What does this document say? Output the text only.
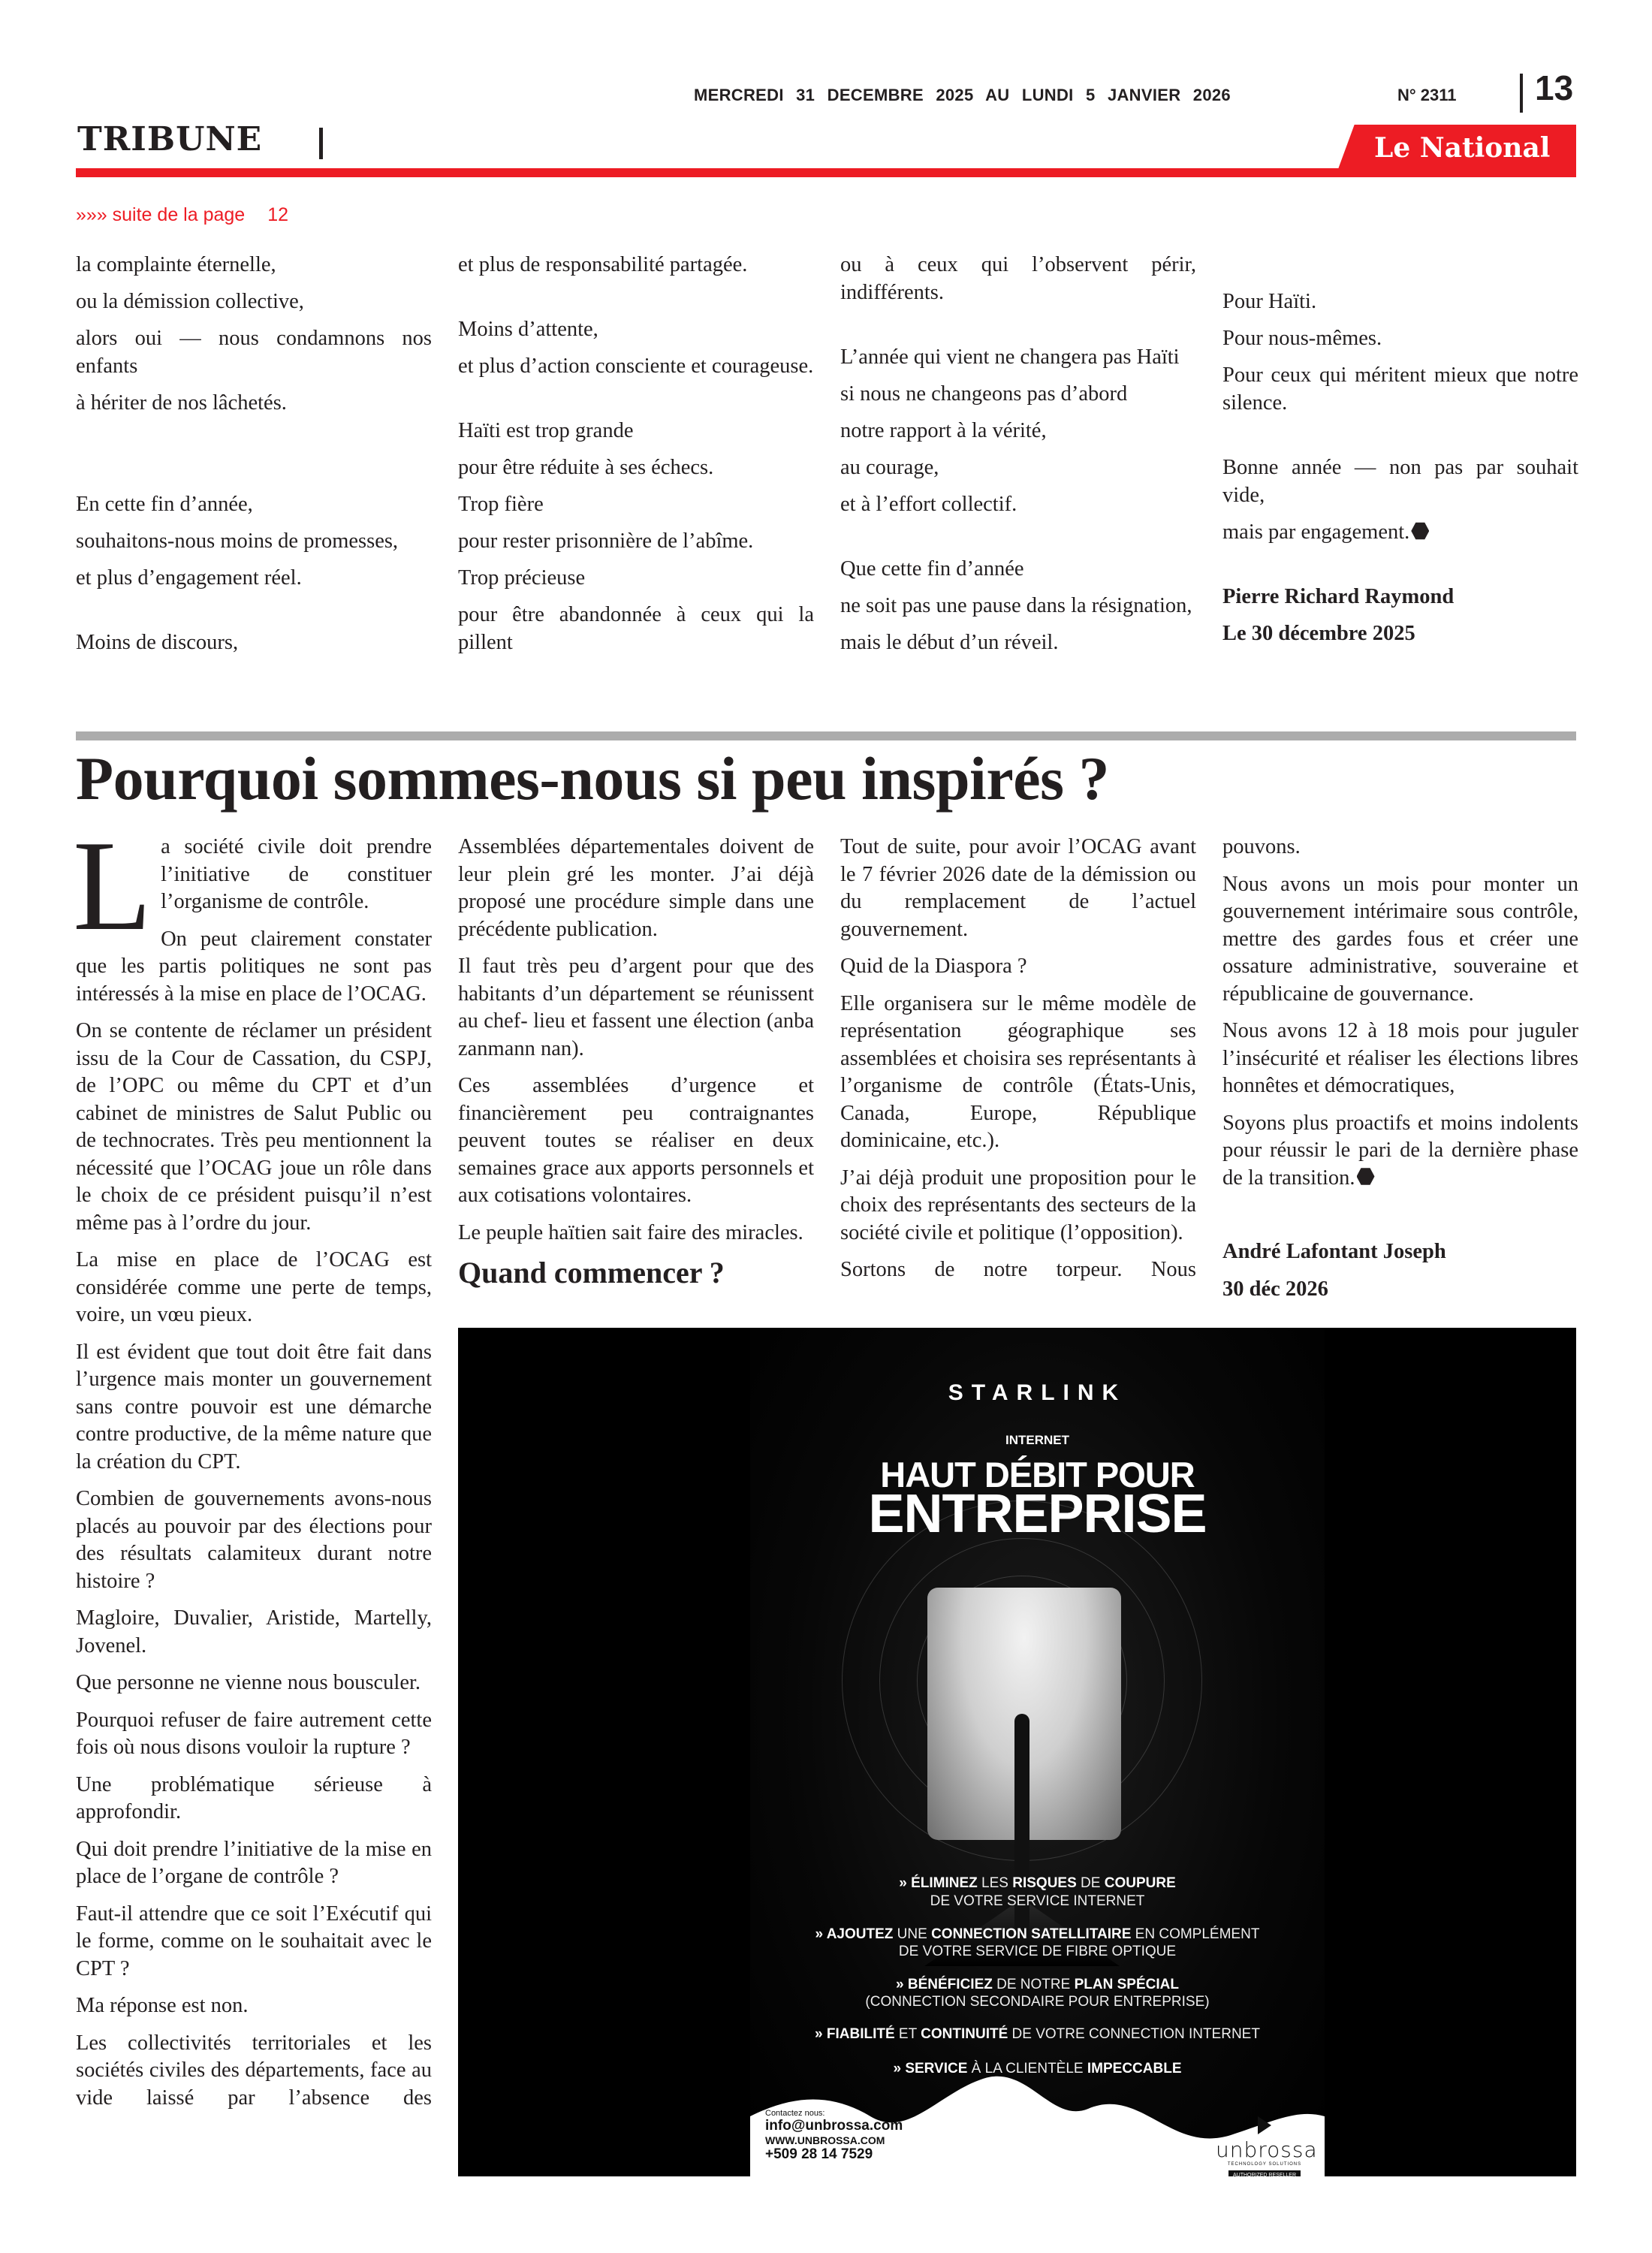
MERCREDI 31 DECEMBRE 2025 AU LUNDI 5 JANVIER 2026	N° 2311 13
TRIBUNE	Le National
»»» suite de la page 12

la complainte éternelle,

ou la démission collective,

alors oui — nous condamnons nos enfants

à hériter de nos lâchetés.

En cette fin d’année,

souhaitons-nous moins de promesses,

et plus d’engagement réel.

Moins de discours,

et plus de responsabilité partagée.

Moins d’attente,

et plus d’action consciente et courageuse.

Haïti est trop grande

pour être réduite à ses échecs.

Trop fière

pour rester prisonnière de l’abîme.

Trop précieuse

pour être abandonnée à ceux qui la pillent

ou à ceux qui l’observent périr, indifférents.

L’année qui vient ne changera pas Haïti

si nous ne changeons pas d’abord

notre rapport à la vérité,

au courage,

et à l’effort collectif.

Que cette fin d’année

ne soit pas une pause dans la résignation,

mais le début d’un réveil.

Pour Haïti.

Pour nous-mêmes.

Pour ceux qui méritent mieux que notre silence.

Bonne année — non pas par souhait vide,

mais par engagement.

Pierre Richard Raymond

Le 30 décembre 2025

Pourquoi sommes-nous si peu inspirés ?

La société civile doit prendre l’initiative de constituer l’organisme de contrôle.

On peut clairement constater que les partis politiques ne sont pas intéressés à la mise en place de l’OCAG.

On se contente de réclamer un président issu de la Cour de Cassation, du CSPJ, de l’OPC ou même du CPT et d’un cabinet de ministres de Salut Public ou de technocrates. Très peu mentionnent la nécessité que l’OCAG joue un rôle dans le choix de ce président puisqu’il n’est même pas à l’ordre du jour.

La mise en place de l’OCAG est considérée comme une perte de temps, voire, un vœu pieux.

Il est évident que tout doit être fait dans l’urgence mais monter un gouvernement sans contre pouvoir est une démarche contre productive, de la même nature que la création du CPT.

Combien de gouvernements avons-nous placés au pouvoir par des élections pour des résultats calamiteux durant notre histoire ?

Magloire, Duvalier, Aristide, Martelly, Jovenel.

Que personne ne vienne nous bousculer.

Pourquoi refuser de faire autrement cette fois où nous disons vouloir la rupture ?

Une problématique sérieuse à approfondir.

Qui doit prendre l’initiative de la mise en place de l’organe de contrôle ?

Faut-il attendre que ce soit l’Exécutif qui le forme, comme on le souhaitait avec le CPT ?

Ma réponse est non.

Les collectivités territoriales et les sociétés civiles des départements, face au vide laissé par l’absence des

Assemblées départementales doivent de leur plein gré les monter. J’ai déjà proposé une procédure simple dans une précédente publication.

Il faut très peu d’argent pour que des habitants d’un département se réunissent au chef- lieu et fassent une élection (anba zanmann nan).

Ces assemblées d’urgence et financièrement peu contraignantes peuvent toutes se réaliser en deux semaines grace aux apports personnels et aux cotisations volontaires.

Le peuple haïtien sait faire des miracles.

Quand commencer ?

Tout de suite, pour avoir l’OCAG avant le 7 février 2026 date de la démission ou du remplacement de l’actuel gouvernement.

Quid de la Diaspora ?

Elle organisera sur le même modèle de représentation géographique ses assemblées et choisira ses représentants à l’organisme de contrôle (États-Unis, Canada, Europe, République dominicaine, etc.).

J’ai déjà produit une proposition pour le choix des représentants des secteurs de la société civile et politique (l’opposition).

Sortons de notre torpeur. Nous

pouvons.

Nous avons un mois pour monter un gouvernement intérimaire sous contrôle, mettre des gardes fous et créer une ossature administrative, souveraine et républicaine de gouvernance.

Nous avons 12 à 18 mois pour juguler l’insécurité et réaliser les élections libres honnêtes et démocratiques,

Soyons plus proactifs et moins indolents pour réussir le pari de la dernière phase de la transition.

André Lafontant Joseph

30 déc 2026

STARLINK
INTERNET
HAUT DÉBIT POUR
ENTREPRISE
» ÉLIMINEZ LES RISQUES DE COUPURE
DE VOTRE SERVICE INTERNET
» AJOUTEZ UNE CONNECTION SATELLITAIRE EN COMPLÉMENT
DE VOTRE SERVICE DE FIBRE OPTIQUE
» BÉNÉFICIEZ DE NOTRE PLAN SPÉCIAL
(CONNECTION SECONDAIRE POUR ENTREPRISE)
» FIABILITÉ ET CONTINUITÉ DE VOTRE CONNECTION INTERNET
» SERVICE À LA CLIENTÈLE IMPECCABLE
Contactez nous:
info@unbrossa.com
WWW.UNBROSSA.COM
+509 28 14 7529	unbrossa
TECHNOLOGY SOLUTIONS
AUTHORIZED RESELLER
